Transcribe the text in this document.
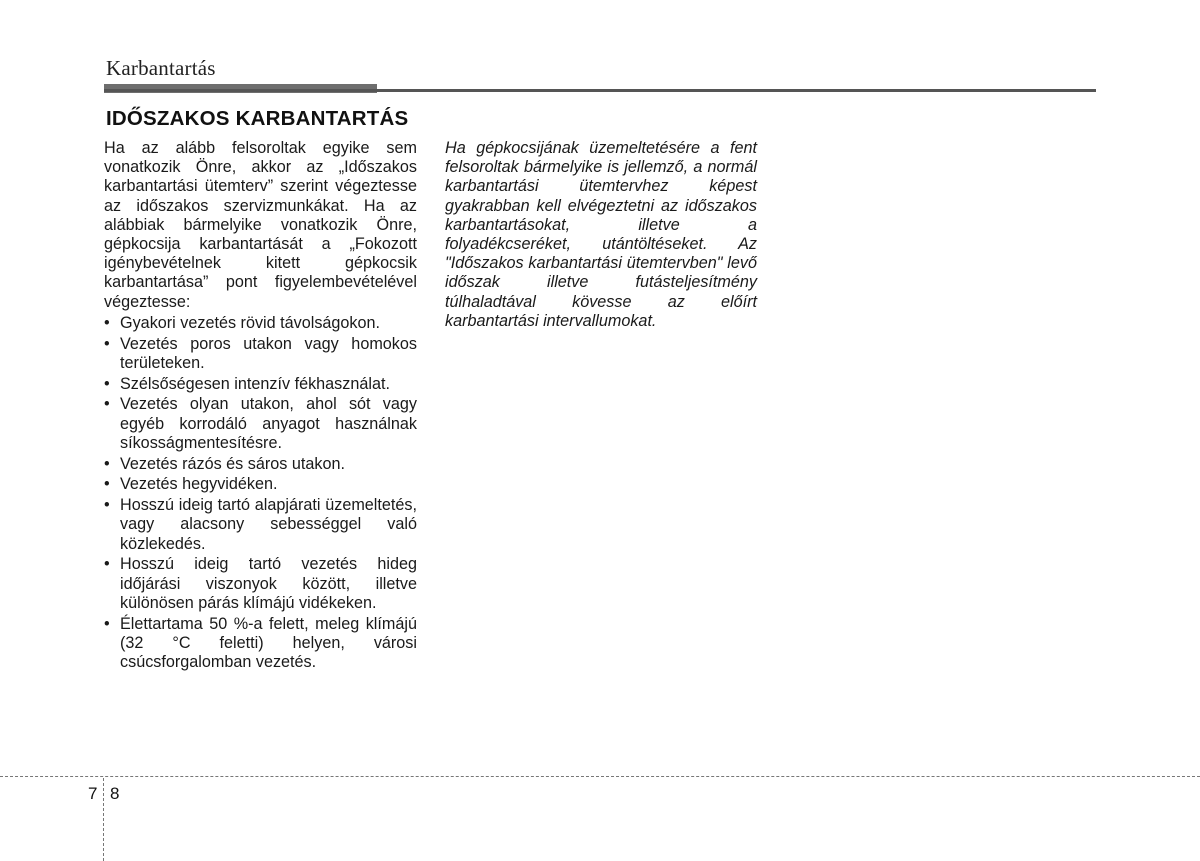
Karbantartás
IDŐSZAKOS KARBANTARTÁS

Ha az alább felsoroltak egyike sem vonatkozik Önre, akkor az „Időszakos karbantartási ütemterv” szerint végeztesse az időszakos szervizmunkákat. Ha az alábbiak bármelyike vonatkozik Önre, gépkocsija karbantartását a „Fokozott igénybevételnek kitett gépkocsik karbantartása” pont figyelembevételével végeztesse:

• Gyakori vezetés rövid távolságokon.
• Vezetés poros utakon vagy homokos területeken.
• Szélsőségesen intenzív fékhasználat.
• Vezetés olyan utakon, ahol sót vagy egyéb korrodáló anyagot használnak síkosságmentesítésre.
• Vezetés rázós és sáros utakon.
• Vezetés hegyvidéken.
• Hosszú ideig tartó alapjárati üzemeltetés, vagy alacsony sebességgel való közlekedés.
• Hosszú ideig tartó vezetés hideg időjárási viszonyok között, illetve különösen párás klímájú vidékeken.
• Élettartama 50 %-a felett, meleg klímájú (32 °C feletti) helyen, városi csúcsforgalomban vezetés.
Ha gépkocsijának üzemeltetésére a fent felsoroltak bármelyike is jellemző, a normál karbantartási ütemtervhez képest gyakrabban kell elvégeztetni az időszakos karbantartásokat, illetve a folyadékcseréket, utántöltéseket. Az "Időszakos karbantartási ütemtervben" levő időszak illetve futásteljesítmény túlhaladtával kövesse az előírt karbantartási intervallumokat.
7 8
